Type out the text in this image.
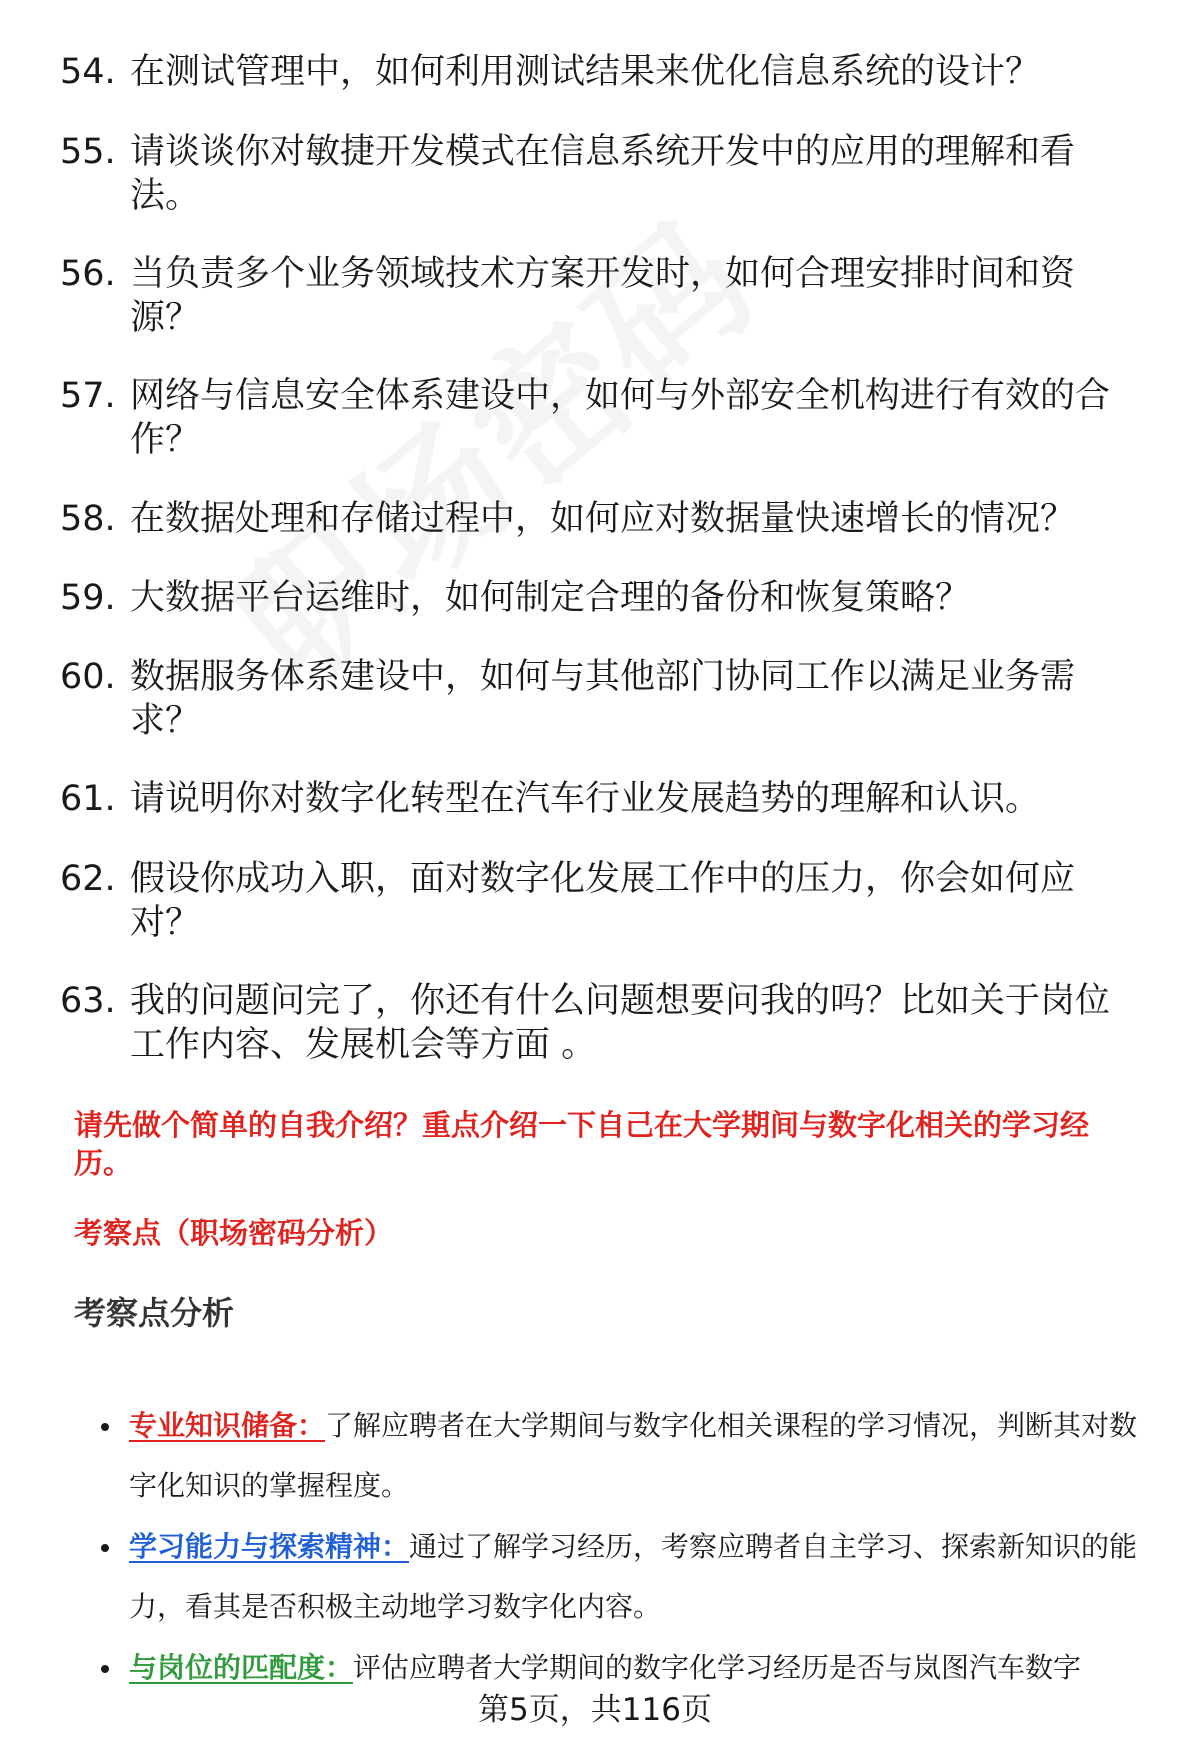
54. 在测试管理中，如何利用测试结果来优化信息系统的设计？
55. 请谈谈你对敏捷开发模式在信息系统开发中的应用的理解和看法。
56. 当负责多个业务领域技术方案开发时，如何合理安排时间和资源？
57. 网络与信息安全体系建设中，如何与外部安全机构进行有效的合作？
58. 在数据处理和存储过程中，如何应对数据量快速增长的情况？
59. 大数据平台运维时，如何制定合理的备份和恢复策略？
60. 数据服务体系建设中，如何与其他部门协同工作以满足业务需求？
61. 请说明你对数字化转型在汽车行业发展趋势的理解和认识。
62. 假设你成功入职，面对数字化发展工作中的压力，你会如何应对？
63. 我的问题问完了，你还有什么问题想要问我的吗？比如关于岗位工作内容、发展机会等方面 。
请先做个简单的自我介绍？重点介绍一下自己在大学期间与数字化相关的学习经历。
考察点（职场密码分析）
考察点分析
专业知识储备：了解应聘者在大学期间与数字化相关课程的学习情况，判断其对数字化知识的掌握程度。
学习能力与探索精神：通过了解学习经历，考察应聘者自主学习、探索新知识的能力，看其是否积极主动地学习数字化内容。
与岗位的匹配度：评估应聘者大学期间的数字化学习经历是否与岚图汽车数字
第5页，共116页
